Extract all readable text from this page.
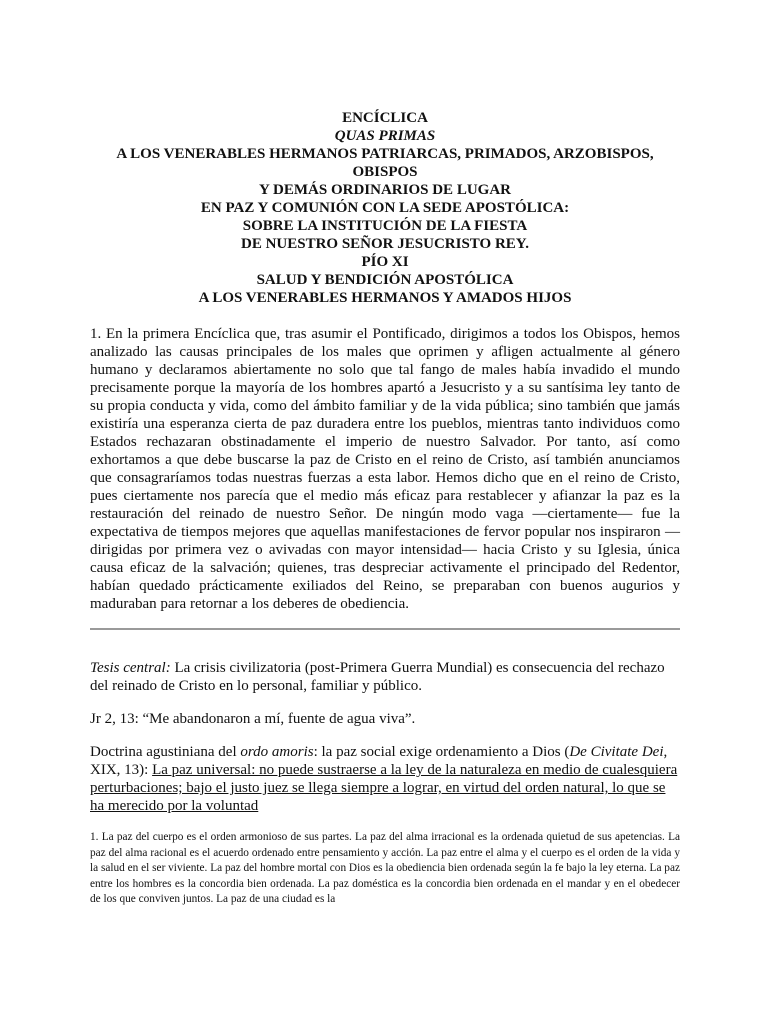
ENCÍCLICA
QUAS PRIMAS
A LOS VENERABLES HERMANOS PATRIARCAS, PRIMADOS, ARZOBISPOS, OBISPOS
Y DEMÁS ORDINARIOS DE LUGAR
EN PAZ Y COMUNIÓN CON LA SEDE APOSTÓLICA:
SOBRE LA INSTITUCIÓN DE LA FIESTA
DE NUESTRO SEÑOR JESUCRISTO REY.
PÍO XI
SALUD Y BENDICIÓN APOSTÓLICA
A LOS VENERABLES HERMANOS Y AMADOS HIJOS

1. En la primera Encíclica que, tras asumir el Pontificado, dirigimos a todos los Obispos, hemos analizado las causas principales de los males que oprimen y afligen actualmente al género humano y declaramos abiertamente no solo que tal fango de males había invadido el mundo precisamente porque la mayoría de los hombres apartó a Jesucristo y a su santísima ley tanto de su propia conducta y vida, como del ámbito familiar y de la vida pública; sino también que jamás existiría una esperanza cierta de paz duradera entre los pueblos, mientras tanto individuos como Estados rechazaran obstinadamente el imperio de nuestro Salvador. Por tanto, así como exhortamos a que debe buscarse la paz de Cristo en el reino de Cristo, así también anunciamos que consagraríamos todas nuestras fuerzas a esta labor. Hemos dicho que en el reino de Cristo, pues ciertamente nos parecía que el medio más eficaz para restablecer y afianzar la paz es la restauración del reinado de nuestro Señor. De ningún modo vaga —ciertamente— fue la expectativa de tiempos mejores que aquellas manifestaciones de fervor popular nos inspiraron —dirigidas por primera vez o avivadas con mayor intensidad— hacia Cristo y su Iglesia, única causa eficaz de la salvación; quienes, tras despreciar activamente el principado del Redentor, habían quedado prácticamente exiliados del Reino, se preparaban con buenos augurios y maduraban para retornar a los deberes de obediencia.

Tesis central: La crisis civilizatoria (post-Primera Guerra Mundial) es consecuencia del rechazo del reinado de Cristo en lo personal, familiar y público.

Jr 2, 13: “Me abandonaron a mí, fuente de agua viva”.

Doctrina agustiniana del ordo amoris: la paz social exige ordenamiento a Dios (De Civitate Dei, XIX, 13): La paz universal: no puede sustraerse a la ley de la naturaleza en medio de cualesquiera perturbaciones; bajo el justo juez se llega siempre a lograr, en virtud del orden natural, lo que se ha merecido por la voluntad

1. La paz del cuerpo es el orden armonioso de sus partes. La paz del alma irracional es la ordenada quietud de sus apetencias. La paz del alma racional es el acuerdo ordenado entre pensamiento y acción. La paz entre el alma y el cuerpo es el orden de la vida y la salud en el ser viviente. La paz del hombre mortal con Dios es la obediencia bien ordenada según la fe bajo la ley eterna. La paz entre los hombres es la concordia bien ordenada. La paz doméstica es la concordia bien ordenada en el mandar y en el obedecer de los que conviven juntos. La paz de una ciudad es la
